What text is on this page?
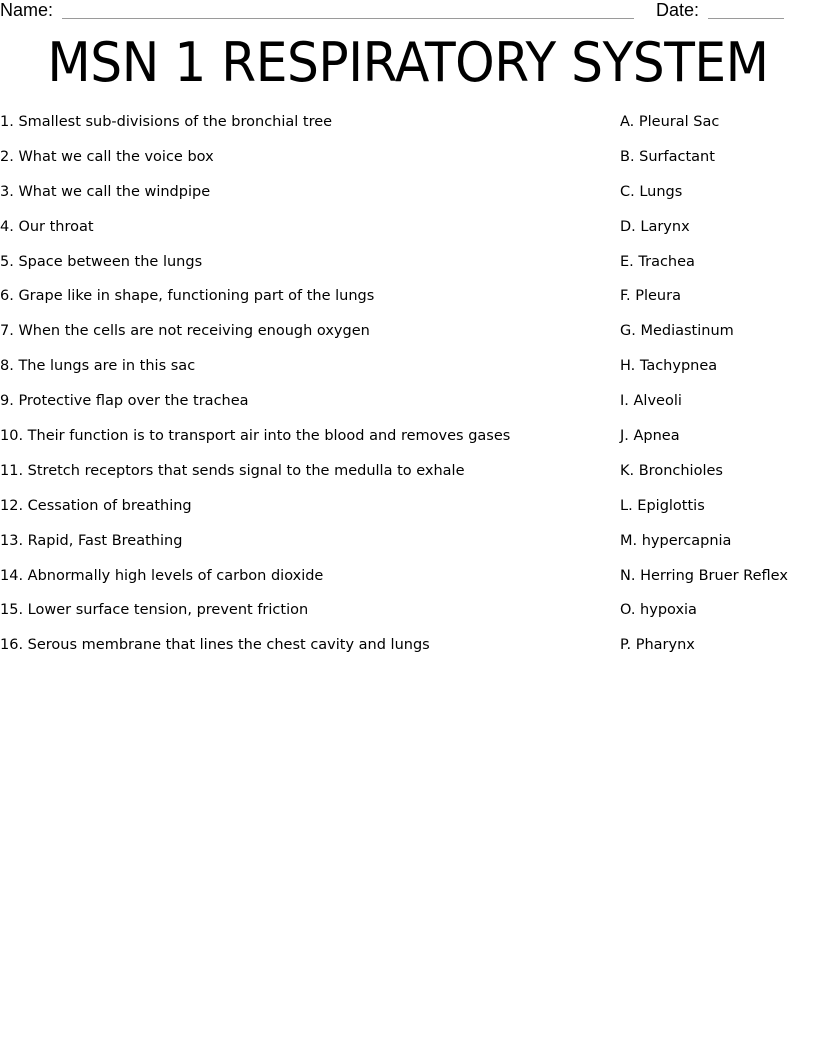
Name:	Date:
MSN 1 RESPIRATORY SYSTEM
1. Smallest sub-divisions of the bronchial tree	A. Pleural Sac
2. What we call the voice box	B. Surfactant
3. What we call the windpipe	C. Lungs
4. Our throat	D. Larynx
5. Space between the lungs	E. Trachea
6. Grape like in shape, functioning part of the lungs	F. Pleura
7. When the cells are not receiving enough oxygen	G. Mediastinum
8. The lungs are in this sac	H. Tachypnea
9. Protective flap over the trachea	I. Alveoli
10. Their function is to transport air into the blood and removes gases	J. Apnea
11. Stretch receptors that sends signal to the medulla to exhale	K. Bronchioles
12. Cessation of breathing	L. Epiglottis
13. Rapid, Fast Breathing	M. hypercapnia
14. Abnormally high levels of carbon dioxide	N. Herring Bruer Reflex
15. Lower surface tension, prevent friction	O. hypoxia
16. Serous membrane that lines the chest cavity and lungs	P. Pharynx
